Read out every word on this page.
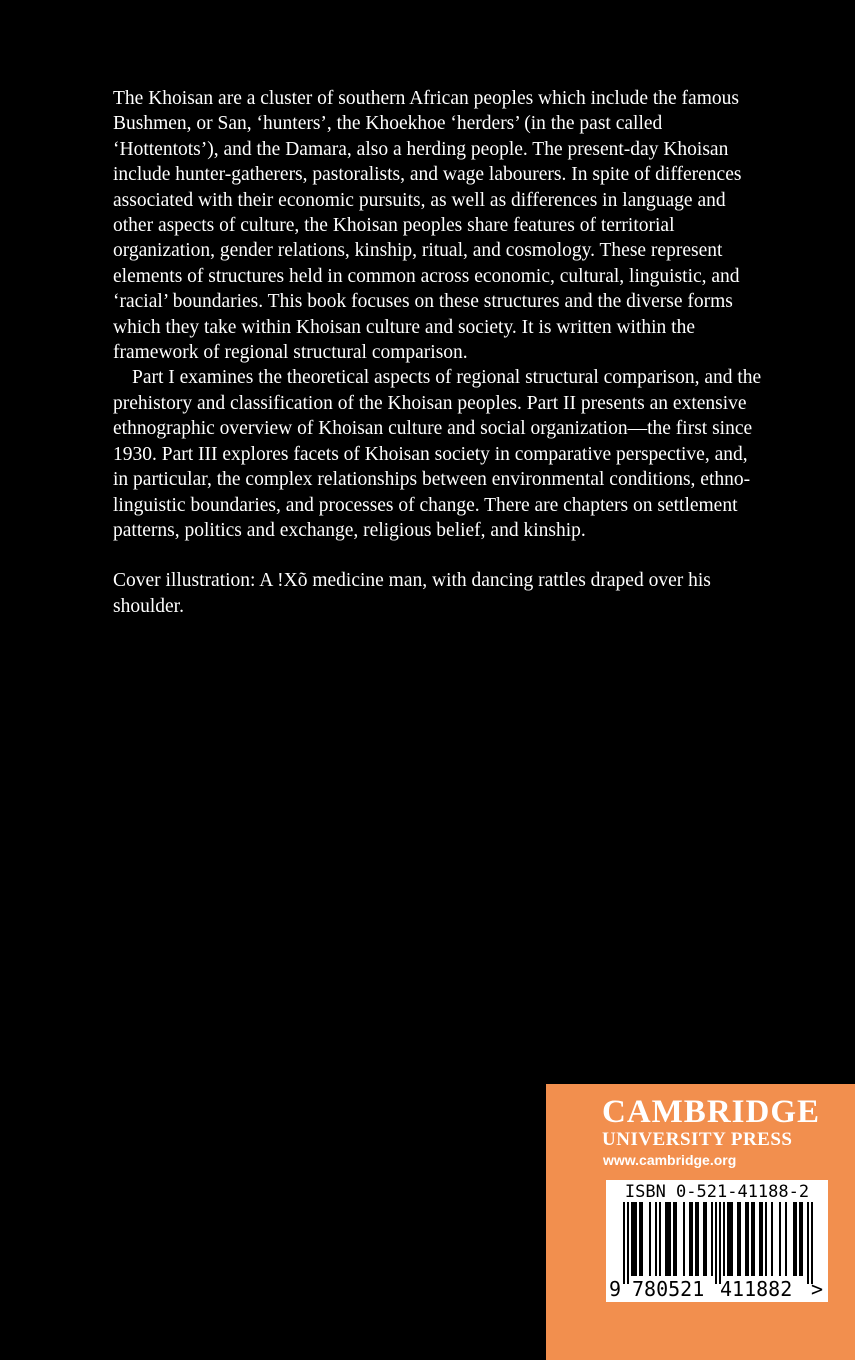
The Khoisan are a cluster of southern African peoples which include the famous Bushmen, or San, ‘hunters’, the Khoekhoe ‘herders’ (in the past called ‘Hottentots’), and the Damara, also a herding people. The present-day Khoisan include hunter-gatherers, pastoralists, and wage labourers. In spite of differences associated with their economic pursuits, as well as differences in language and other aspects of culture, the Khoisan peoples share features of territorial organization, gender relations, kinship, ritual, and cosmology. These represent elements of structures held in common across economic, cultural, linguistic, and ‘racial’ boundaries. This book focuses on these structures and the diverse forms which they take within Khoisan culture and society. It is written within the framework of regional structural comparison.

Part I examines the theoretical aspects of regional structural comparison, and the prehistory and classification of the Khoisan peoples. Part II presents an extensive ethnographic overview of Khoisan culture and social organization—the first since 1930. Part III explores facets of Khoisan society in comparative perspective, and, in particular, the complex relationships between environmental conditions, ethno-linguistic boundaries, and processes of change. There are chapters on settlement patterns, politics and exchange, religious belief, and kinship.

Cover illustration: A !Xõ medicine man, with dancing rattles draped over his shoulder.

CAMBRIDGE
UNIVERSITY PRESS
www.cambridge.org
ISBN 0-521-41188-2
9 780521 411882 >
